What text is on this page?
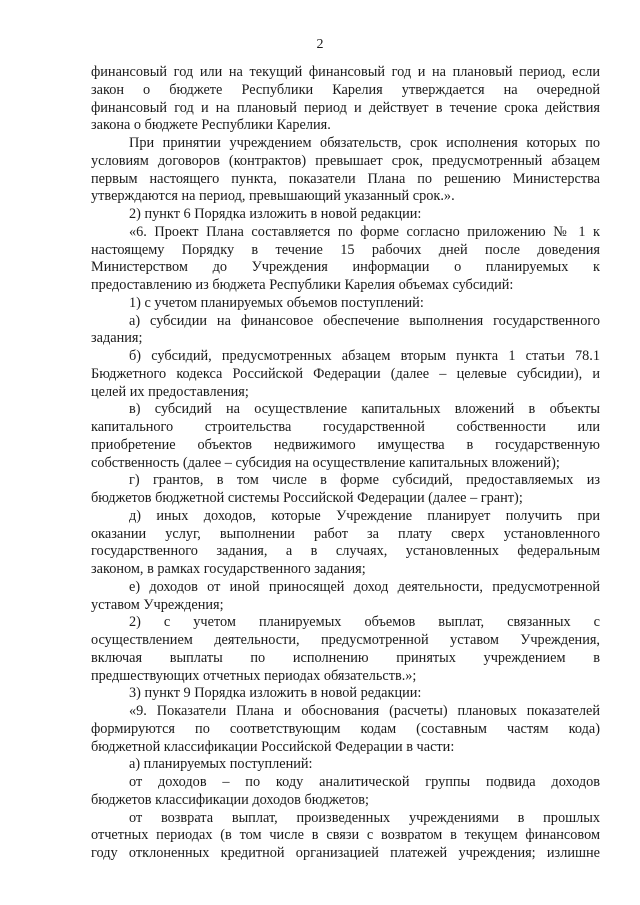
2
финансовый год или на текущий финансовый год и на плановый период, если
закон о бюджете Республики Карелия утверждается на очередной
финансовый год и на плановый период и действует в течение срока действия
закона о бюджете Республики Карелия.
При принятии учреждением обязательств, срок исполнения которых по
условиям договоров (контрактов) превышает срок, предусмотренный абзацем
первым настоящего пункта, показатели Плана по решению Министерства
утверждаются на период, превышающий указанный срок.».
2) пункт 6 Порядка изложить в новой редакции:
«6. Проект Плана составляется по форме согласно приложению № 1 к
настоящему Порядку в течение 15 рабочих дней после доведения
Министерством до Учреждения информации о планируемых к
предоставлению из бюджета Республики Карелия объемах субсидий:
1) с учетом планируемых объемов поступлений:
а) субсидии на финансовое обеспечение выполнения государственного
задания;
б) субсидий, предусмотренных абзацем вторым пункта 1 статьи 78.1
Бюджетного кодекса Российской Федерации (далее – целевые субсидии), и
целей их предоставления;
в) субсидий на осуществление капитальных вложений в объекты
капитального строительства государственной собственности или
приобретение объектов недвижимого имущества в государственную
собственность (далее – субсидия на осуществление капитальных вложений);
г) грантов, в том числе в форме субсидий, предоставляемых из
бюджетов бюджетной системы Российской Федерации (далее – грант);
д) иных доходов, которые Учреждение планирует получить при
оказании услуг, выполнении работ за плату сверх установленного
государственного задания, а в случаях, установленных федеральным
законом, в рамках государственного задания;
е) доходов от иной приносящей доход деятельности, предусмотренной
уставом Учреждения;
2) с учетом планируемых объемов выплат, связанных с
осуществлением деятельности, предусмотренной уставом Учреждения,
включая выплаты по исполнению принятых учреждением в
предшествующих отчетных периодах обязательств.»;
3) пункт 9 Порядка изложить в новой редакции:
«9. Показатели Плана и обоснования (расчеты) плановых показателей
формируются по соответствующим кодам (составным частям кода)
бюджетной классификации Российской Федерации в части:
а) планируемых поступлений:
от доходов – по коду аналитической группы подвида доходов
бюджетов классификации доходов бюджетов;
от возврата выплат, произведенных учреждениями в прошлых
отчетных периодах (в том числе в связи с возвратом в текущем финансовом
году отклоненных кредитной организацией платежей учреждения; излишне
